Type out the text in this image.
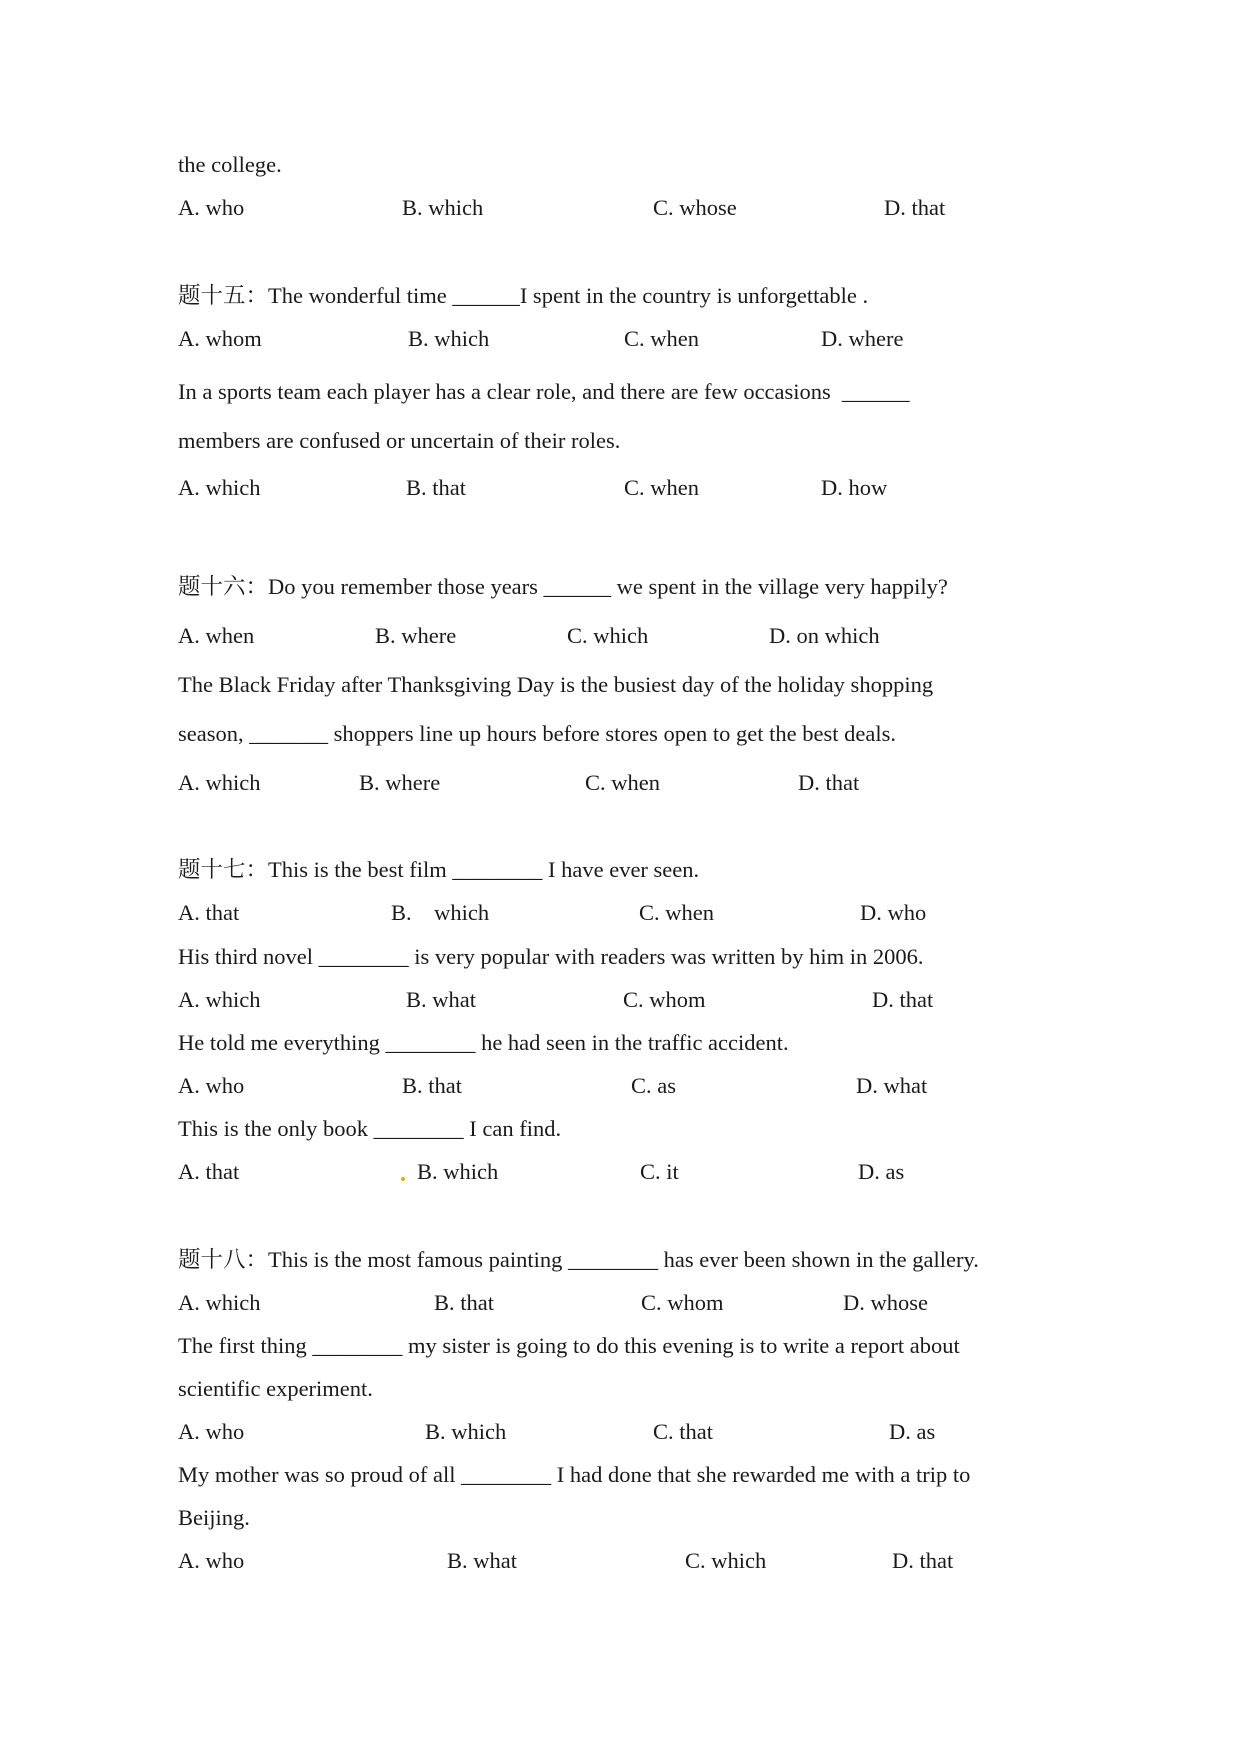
the college.
A. who	B. which	C. whose	D. that
题十五：The wonderful time ______I spent in the country is unforgettable .
A. whom	B. which	C. when	D. where
In a sports team each player has a clear role, and there are few occasions  ______
members are confused or uncertain of their roles.
A. which	B. that	C. when	D. how
题十六：Do you remember those years ______ we spent in the village very happily?
A. when	B. where	C. which	D. on which
The Black Friday after Thanksgiving Day is the busiest day of the holiday shopping
season, _______ shoppers line up hours before stores open to get the best deals.
A. which	B. where	C. when	D. that
题十七：This is the best film ________ I have ever seen.
A. that	B.    which	C. when	D. who
His third novel ________ is very popular with readers was written by him in 2006.
A. which	B. what	C. whom	D. that
He told me everything ________ he had seen in the traffic accident.
A. who	B. that	C. as	D. what
This is the only book ________ I can find.
A. that	B. which	C. it	D. as
题十八：This is the most famous painting ________ has ever been shown in the gallery.
A. which	B. that	C. whom	D. whose
The first thing ________ my sister is going to do this evening is to write a report about
scientific experiment.
A. who	B. which	C. that	D. as
My mother was so proud of all ________ I had done that she rewarded me with a trip to
Beijing.
A. who	B. what	C. which	D. that
